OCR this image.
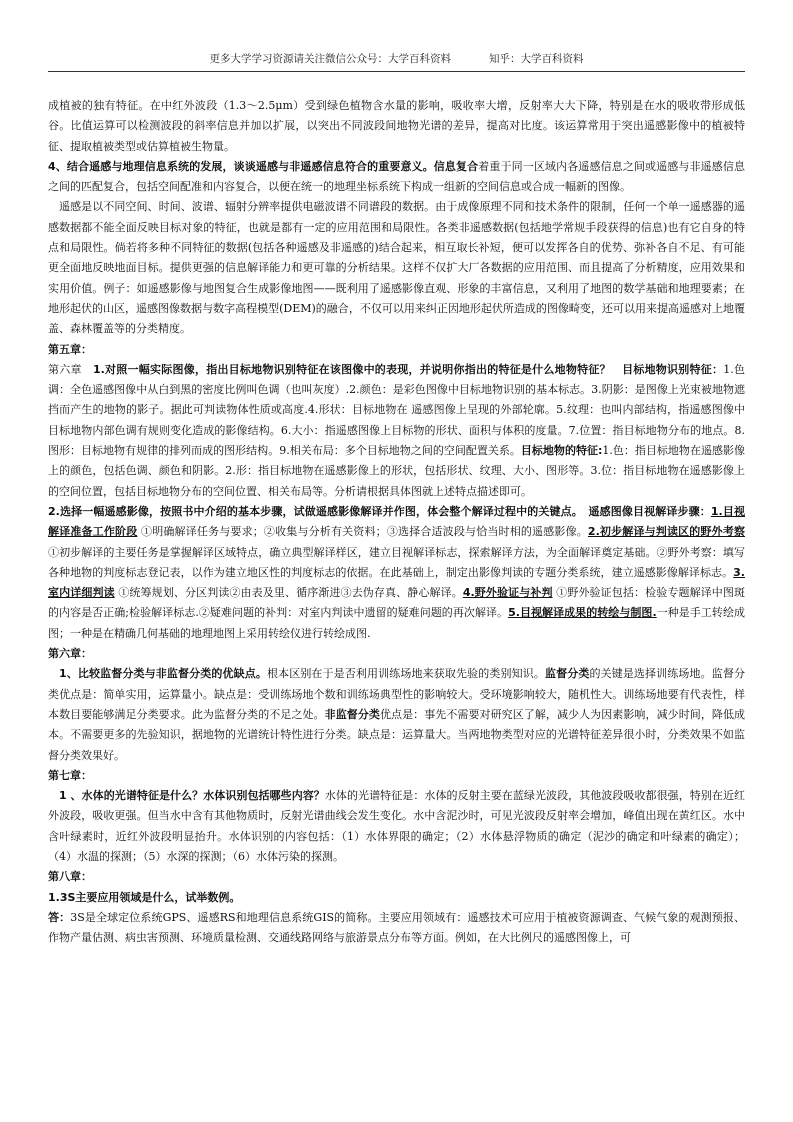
更多大学学习资源请关注微信公众号：大学百科资料	知乎：大学百科资料

成植被的独有特征。在中红外波段（1.3～2.5μm）受到绿色植物含水量的影响，吸收率大增，反射率大大下降，特别是在水的吸收带形成低谷。比值运算可以检测波段的斜率信息并加以扩展，以突出不同波段间地物光谱的差异，提高对比度。该运算常用于突出遥感影像中的植被特征、提取植被类型或估算植被生物量。

4、结合遥感与地理信息系统的发展，谈谈遥感与非遥感信息符合的重要意义。信息复合着重于同一区域内各遥感信息之间或遥感与非遥感信息之间的匹配复合，包括空间配准和内容复合，以便在统一的地理坐标系统下构成一组新的空间信息或合成一幅新的图像。

遥感是以不同空间、时间、波谱、辐射分辨率提供电磁波谱不同谱段的数据。由于成像原理不同和技术条件的限制，任何一个单一遥感器的遥感数据都不能全面反映目标对象的特征，也就是都有一定的应用范围和局限性。各类非遥感数据(包括地学常规手段获得的信息)也有它自身的特点和局限性。倘若将多种不同特征的数据(包括各种遥感及非遥感的)结合起来，相互取长补短，便可以发挥各自的优势、弥补各自不足、有可能更全面地反映地面目标。提供更强的信息解译能力和更可靠的分析结果。这样不仅扩大厂各数据的应用范围、而且提高了分析精度，应用效果和实用价值。例子：如遥感影像与地图复合生成影像地图——既利用了遥感影像直观、形象的丰富信息，又利用了地图的数学基础和地理要素；在地形起伏的山区，遥感图像数据与数字高程模型(DEM)的融合，不仅可以用来纠正因地形起伏所造成的图像畸变，还可以用来提高遥感对上地覆盖、森林覆盖等的分类精度。

第五章：

第六章　1.对照一幅实际图像，指出目标地物识别特征在该图像中的表现，并说明你指出的特征是什么地物特征？　目标地物识别特征：1.色调：全色遥感图像中从白到黑的密度比例叫色调（也叫灰度）.2.颜色：是彩色图像中目标地物识别的基本标志。3.阴影：是图像上光束被地物遮挡而产生的地物的影子。据此可判读物体性质或高度.4.形状：目标地物在 遥感图像上呈现的外部轮廓。5.纹理：也叫内部结构，指遥感图像中目标地物内部色调有规则变化造成的影像结构。6.大小：指遥感图像上目标物的形状、面积与体积的度量。7.位置：指目标地物分布的地点。8.图形：目标地物有规律的排列而成的图形结构。9.相关布局：多个目标地物之间的空间配置关系。目标地物的特征:1.色：指目标地物在遥感影像上的颜色，包括色调、颜色和阴影。2.形：指目标地物在遥感影像上的形状，包括形状、纹理、大小、图形等。3.位：指目标地物在遥感影像上的空间位置，包括目标地物分布的空间位置、相关布局等。分析请根据具体图就上述特点描述即可。

2.选择一幅遥感影像，按照书中介绍的基本步骤，试做遥感影像解译并作图，体会整个解译过程中的关键点。　遥感图像目视解译步骤：1.目视解译准备工作阶段 ①明确解译任务与要求；②收集与分析有关资料；③选择合适波段与恰当时相的遥感影像。2.初步解译与判读区的野外考察 ①初步解译的主要任务是掌握解译区域特点，确立典型解译样区，建立目视解译标志，探索解译方法，为全面解译奠定基础。②野外考察：填写各种地物的判度标志登记表，以作为建立地区性的判度标志的依据。在此基础上，制定出影像判读的专题分类系统，建立遥感影像解译标志。3.室内详细判读 ①统筹规划、分区判读②由表及里、循序渐进③去伪存真、静心解译。4.野外验证与补判 ①野外验证包括：检验专题解译中图斑的内容是否正确;检验解译标志.②疑难问题的补判：对室内判读中遗留的疑难问题的再次解译。5.目视解译成果的转绘与制图.一种是手工转绘成图；一种是在精确几何基础的地理地图上采用转绘仪进行转绘成图.

第六章：

1、比较监督分类与非监督分类的优缺点。根本区别在于是否利用训练场地来获取先验的类别知识。监督分类的关键是选择训练场地。监督分类优点是：简单实用，运算量小。缺点是：受训练场地个数和训练场典型性的影响较大。受环境影响较大，随机性大。训练场地要有代表性，样本数目要能够满足分类要求。此为监督分类的不足之处。非监督分类优点是：事先不需要对研究区了解，减少人为因素影响，减少时间，降低成本。不需要更多的先验知识，据地物的光谱统计特性进行分类。缺点是：运算量大。当两地物类型对应的光谱特征差异很小时，分类效果不如监督分类效果好。

第七章：

1 、水体的光谱特征是什么？水体识别包括哪些内容？水体的光谱特征是：水体的反射主要在蓝绿光波段，其他波段吸收都很强，特别在近红外波段，吸收更强。但当水中含有其他物质时，反射光谱曲线会发生变化。水中含泥沙时，可见光波段反射率会增加，峰值出现在黄红区。水中含叶绿素时，近红外波段明显抬升。水体识别的内容包括：（1）水体界限的确定；（2）水体悬浮物质的确定（泥沙的确定和叶绿素的确定）；（4）水温的探测；（5）水深的探测；（6）水体污染的探测。

第八章：

1.3S主要应用领域是什么，试举数例。

答：3S是全球定位系统GPS、遥感RS和地理信息系统GIS的简称。主要应用领域有：遥感技术可应用于植被资源调查、气候气象的观测预报、作物产量估测、病虫害预测、环境质量检测、交通线路网络与旅游景点分布等方面。例如，在大比例尺的遥感图像上，可
